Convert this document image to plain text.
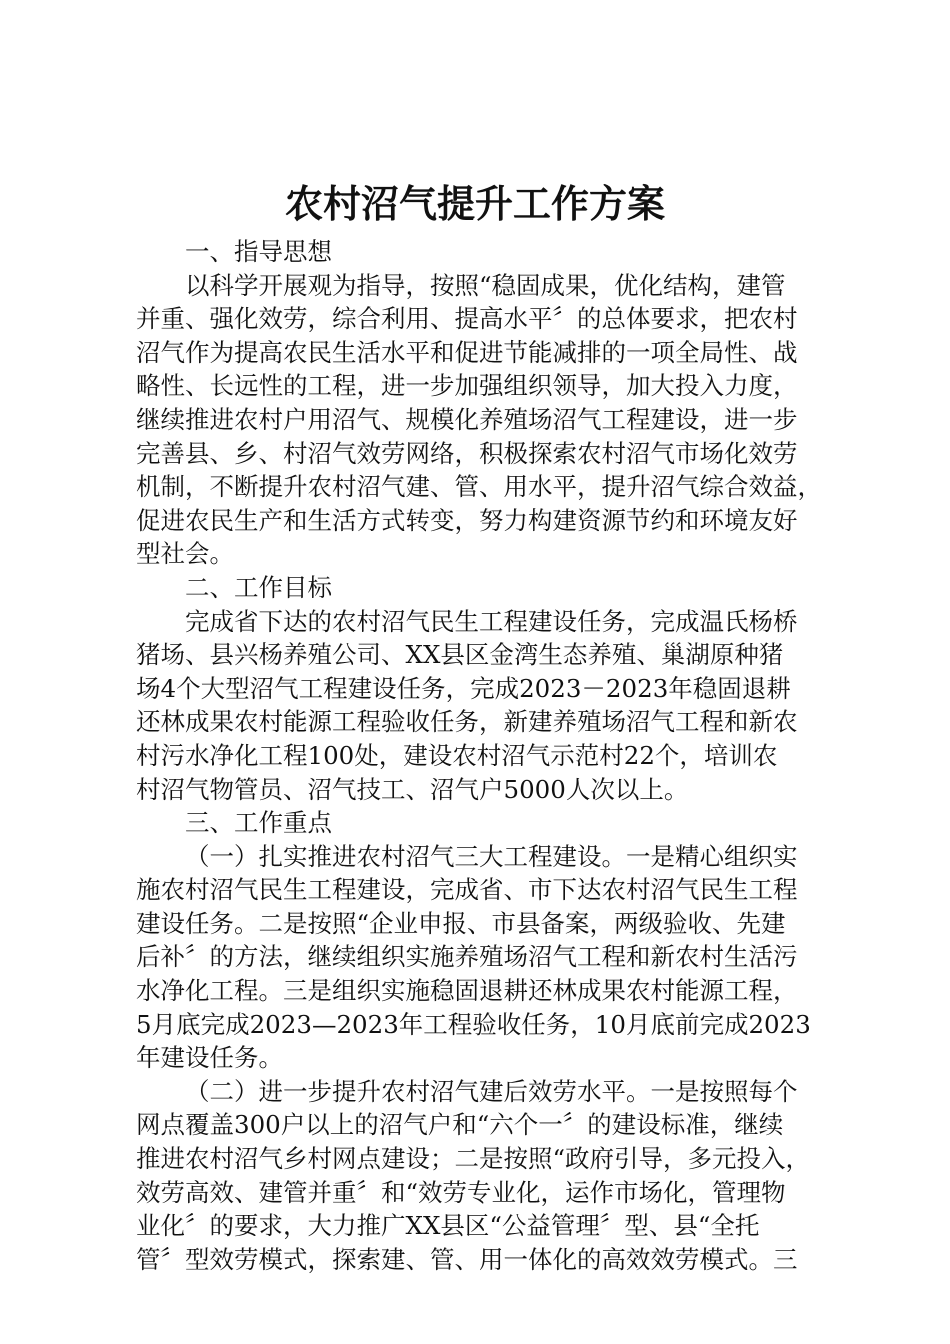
农村沼气提升工作方案
一、指导思想
以科学开展观为指导，按照“稳固成果，优化结构，建管
并重、强化效劳，综合利用、提高水平〞的总体要求，把农村
沼气作为提高农民生活水平和促进节能减排的一项全局性、战
略性、长远性的工程，进一步加强组织领导，加大投入力度，
继续推进农村户用沼气、规模化养殖场沼气工程建设，进一步
完善县、乡、村沼气效劳网络，积极探索农村沼气市场化效劳
机制，不断提升农村沼气建、管、用水平，提升沼气综合效益，
促进农民生产和生活方式转变，努力构建资源节约和环境友好
型社会。
二、工作目标
完成省下达的农村沼气民生工程建设任务，完成温氏杨桥
猪场、县兴杨养殖公司、XX县区金湾生态养殖、巢湖原种猪
场4个大型沼气工程建设任务，完成2023－2023年稳固退耕
还林成果农村能源工程验收任务，新建养殖场沼气工程和新农
村污水净化工程100处，建设农村沼气示范村22个，培训农
村沼气物管员、沼气技工、沼气户5000人次以上。
三、工作重点
（一）扎实推进农村沼气三大工程建设。一是精心组织实
施农村沼气民生工程建设，完成省、市下达农村沼气民生工程
建设任务。二是按照“企业申报、市县备案，两级验收、先建
后补〞的方法，继续组织实施养殖场沼气工程和新农村生活污
水净化工程。三是组织实施稳固退耕还林成果农村能源工程，
5月底完成2023—2023年工程验收任务，10月底前完成2023
年建设任务。
（二）进一步提升农村沼气建后效劳水平。一是按照每个
网点覆盖300户以上的沼气户和“六个一〞的建设标准，继续
推进农村沼气乡村网点建设；二是按照“政府引导，多元投入，
效劳高效、建管并重〞和“效劳专业化，运作市场化，管理物
业化〞的要求，大力推广XX县区“公益管理〞型、县“全托
管〞型效劳模式，探索建、管、用一体化的高效效劳模式。三
